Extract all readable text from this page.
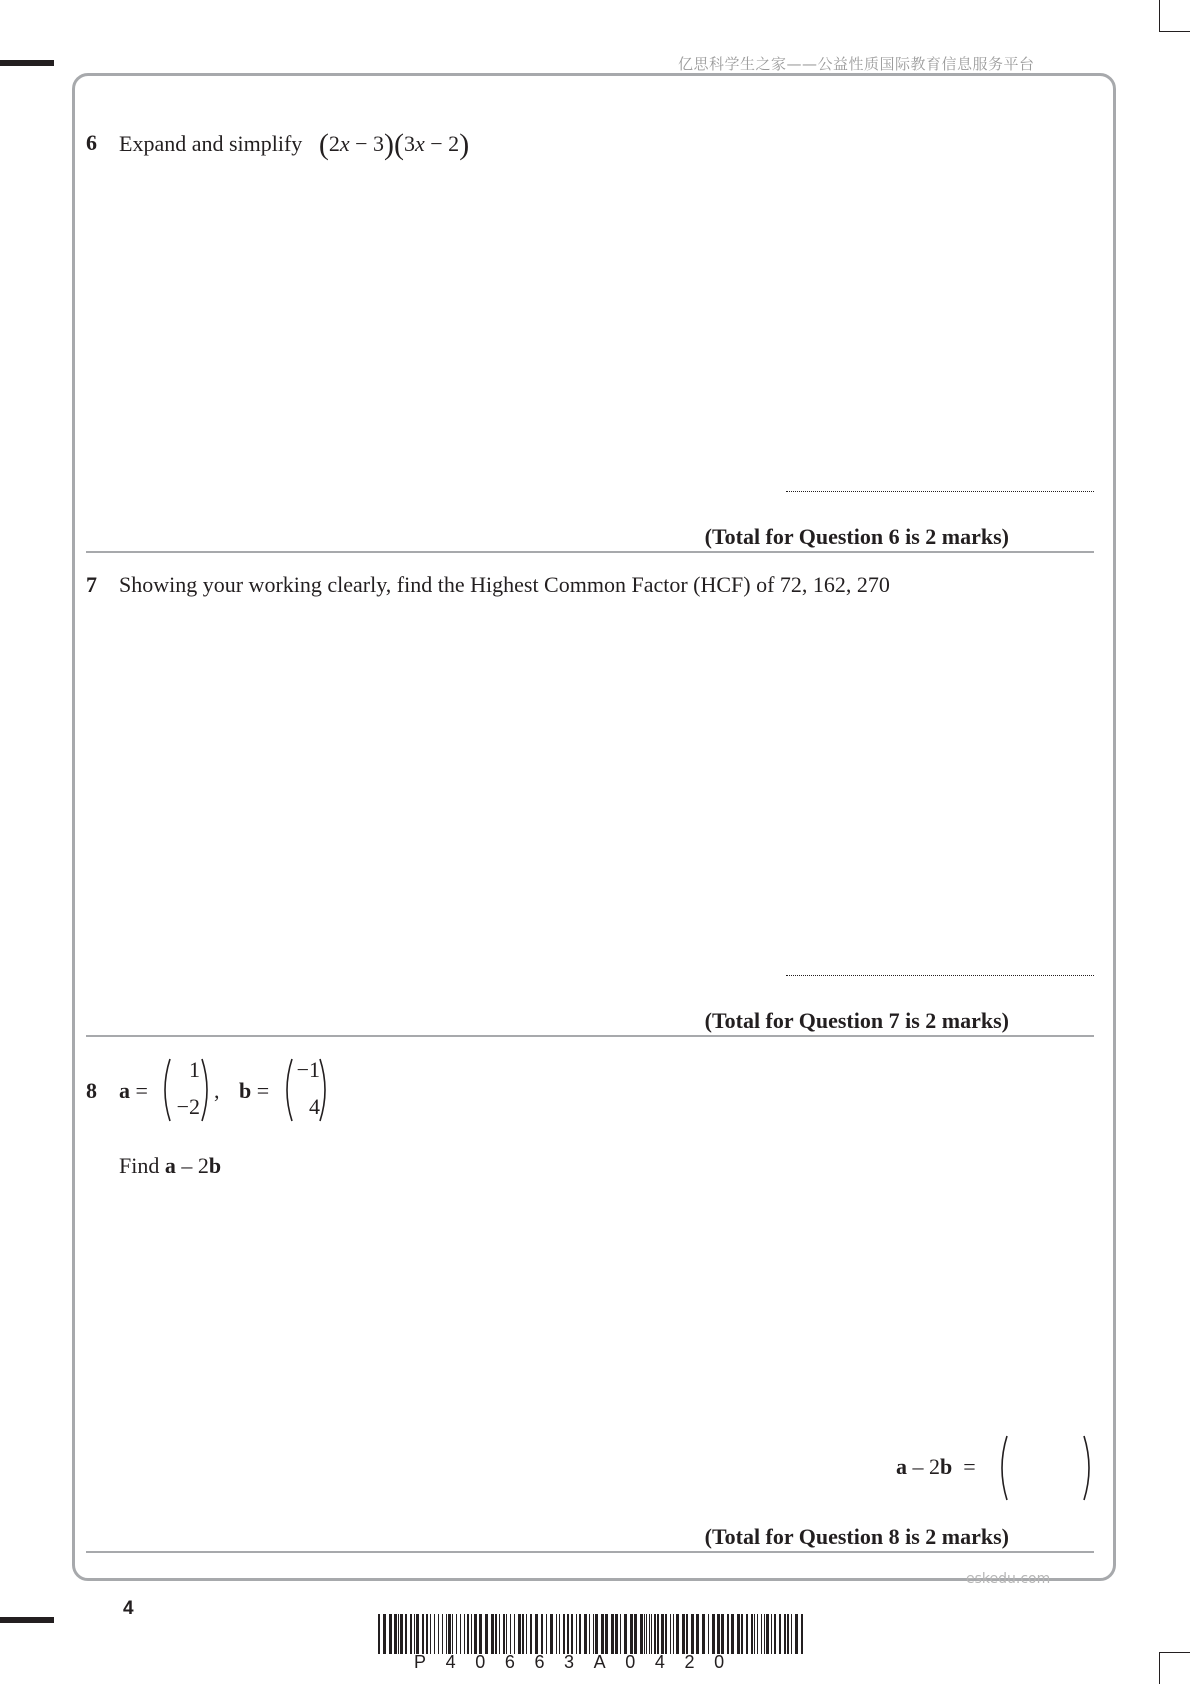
亿思科学生之家——公益性质国际教育信息服务平台
6 Expand and simplify (2x − 3)(3x − 2)
(Total for Question 6 is 2 marks)
7 Showing your working clearly, find the Highest Common Factor (HCF) of 72, 162, 270
(Total for Question 7 is 2 marks)
8 a =
1
−2
, b =
−1
4
Find a – 2b
a – 2b =
(Total for Question 8 is 2 marks)
eskedu.com
4
P40663A0420
